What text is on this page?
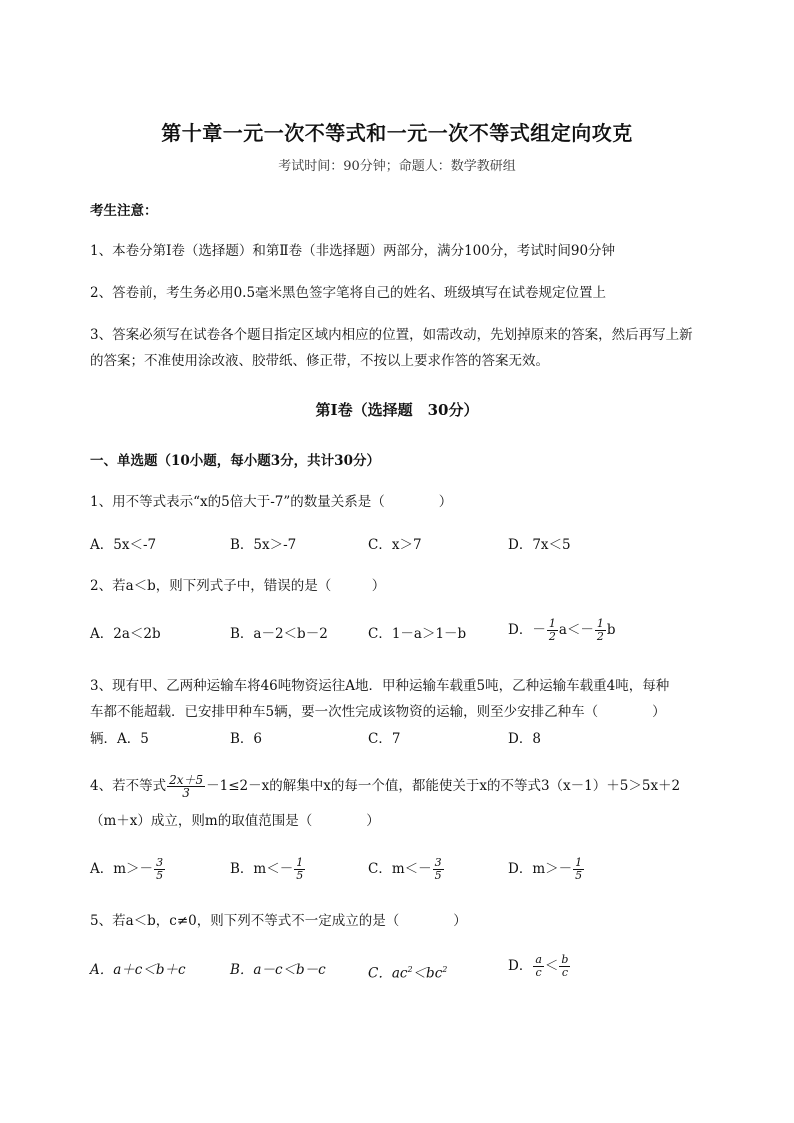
第十章一元一次不等式和一元一次不等式组定向攻克
考试时间：90分钟；命题人：数学教研组
考生注意：
1、本卷分第I卷（选择题）和第Ⅱ卷（非选择题）两部分，满分100分，考试时间90分钟
2、答卷前，考生务必用0.5毫米黑色签字笔将自己的姓名、班级填写在试卷规定位置上
3、答案必须写在试卷各个题目指定区域内相应的位置，如需改动，先划掉原来的答案，然后再写上新
的答案；不准使用涂改液、胶带纸、修正带，不按以上要求作答的答案无效。
第I卷（选择题　30分）
一、单选题（10小题，每小题3分，共计30分）
1、用不等式表示“x的5倍大于-7”的数量关系是（　　　　）
A．5x＜-7	B．5x＞-7	C．x＞7	D．7x＜5
2、若a＜b，则下列式子中，错误的是（　　　）
A．2a＜2b	B．a－2＜b－2	C．1－a＞1－b	D．－ $\frac{1}{2} a<- \frac{1}{2}$ b
3、现有甲、乙两种运输车将46吨物资运往A地．甲种运输车载重5吨，乙种运输车载重4吨，每种
车都不能超载．已安排甲种车5辆，要一次性完成该物资的运输，则至少安排乙种车（　　　　）
辆．A．5	B．6	C．7	D．8
4、若不等式 $\frac{2x+5}{3} -1\le 2-x$的解集中x的每一个值，都能使关于x的不等式3（x－1）＋5＞5x＋2
（m＋x）成立，则m的取值范围是（　　　　）
A．$m>- \frac{3}{5}$	B．$m<- \frac{1}{5}$	C．$m<- \frac{3}{5}$	D．$m>- \frac{1}{5}$
5、若a＜b，c≠0，则下列不等式不一定成立的是（　　　　）
A．a＋c＜b＋c	B．a－c＜b－c	C．$ac^2<bc^2$	D． $\frac{a}{c} < \frac{b}{c}$
